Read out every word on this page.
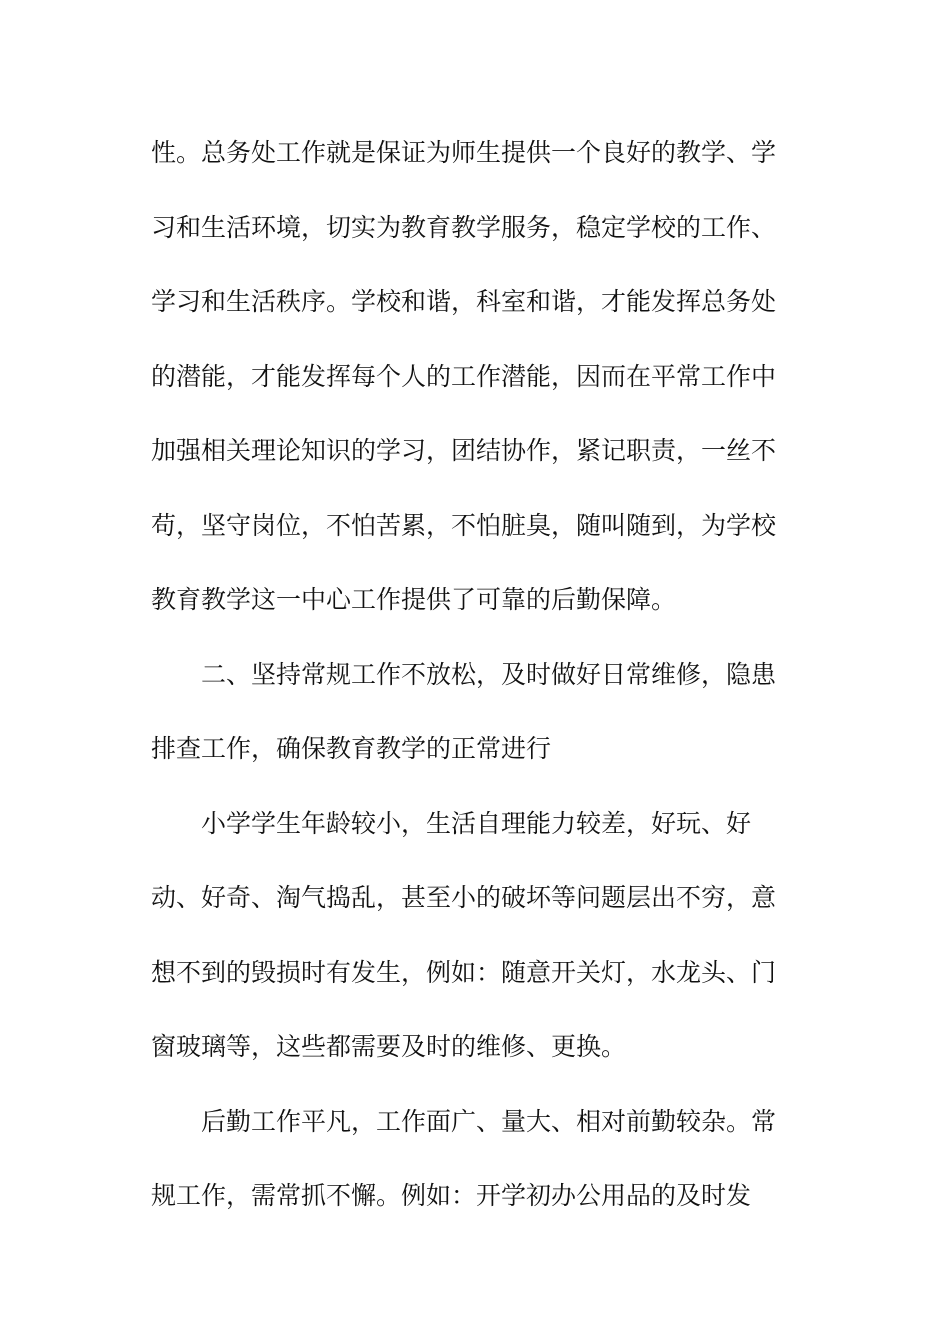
性。总务处工作就是保证为师生提供一个良好的教学、学
习和生活环境，切实为教育教学服务，稳定学校的工作、
学习和生活秩序。学校和谐，科室和谐，才能发挥总务处
的潜能，才能发挥每个人的工作潜能，因而在平常工作中
加强相关理论知识的学习，团结协作，紧记职责，一丝不
苟，坚守岗位，不怕苦累，不怕脏臭，随叫随到，为学校
教育教学这一中心工作提供了可靠的后勤保障。
二、坚持常规工作不放松，及时做好日常维修，隐患
排查工作，确保教育教学的正常进行
小学学生年龄较小，生活自理能力较差，好玩、好
动、好奇、淘气捣乱，甚至小的破坏等问题层出不穷，意
想不到的毁损时有发生，例如：随意开关灯，水龙头、门
窗玻璃等，这些都需要及时的维修、更换。
后勤工作平凡，工作面广、量大、相对前勤较杂。常
规工作，需常抓不懈。例如：开学初办公用品的及时发
